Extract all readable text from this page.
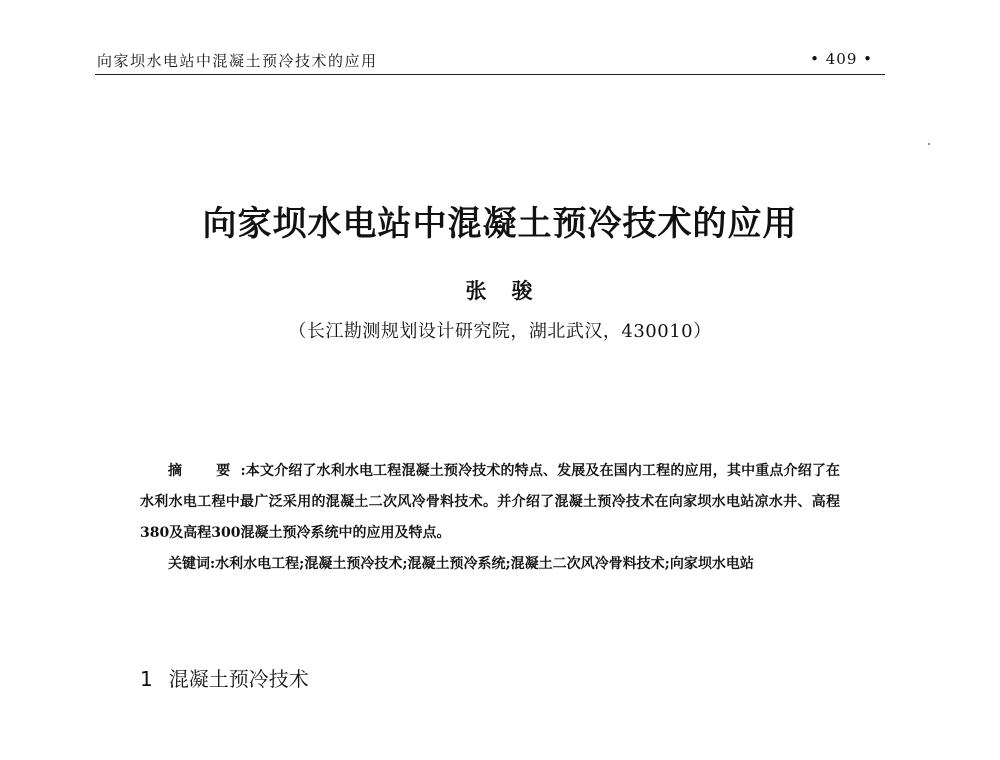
向家坝水电站中混凝土预冷技术的应用	• 409 •
向家坝水电站中混凝土预冷技术的应用
张　骏
（长江勘测规划设计研究院，湖北武汉，430010）

摘　要:本文介绍了水利水电工程混凝土预冷技术的特点、发展及在国内工程的应用，其中重点介绍了在水利水电工程中最广泛采用的混凝土二次风冷骨料技术。并介绍了混凝土预冷技术在向家坝水电站凉水井、高程380及高程300混凝土预冷系统中的应用及特点。

关键词:水利水电工程;混凝土预冷技术;混凝土预冷系统;混凝土二次风冷骨料技术;向家坝水电站

1 混凝土预冷技术
